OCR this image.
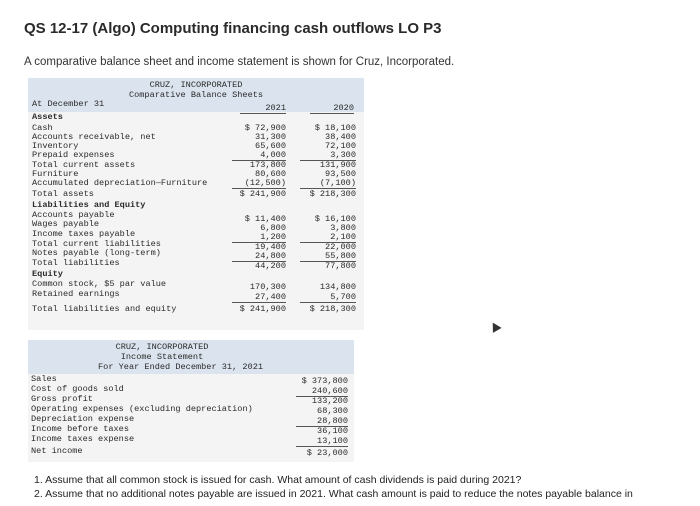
QS 12-17 (Algo) Computing financing cash outflows LO P3
A comparative balance sheet and income statement is shown for Cruz, Incorporated.
CRUZ, INCORPORATED
Comparative Balance Sheets
At December 31	2021	2020
Assets
Cash	$ 72,900	$ 18,100
Accounts receivable, net	31,300	38,400
Inventory	65,600	72,100
Prepaid expenses	4,000	3,300
Total current assets	173,800	131,900
Furniture	80,600	93,500
Accumulated depreciation—Furniture	(12,500)	(7,100)
Total assets	$ 241,900	$ 218,300
Liabilities and Equity
Accounts payable	$ 11,400	$ 16,100
Wages payable	6,800	3,800
Income taxes payable	1,200	2,100
Total current liabilities	19,400	22,000
Notes payable (long-term)	24,800	55,800
Total liabilities	44,200	77,800
Equity
Common stock, $5 par value	170,300	134,800
Retained earnings	27,400	5,700
Total liabilities and equity	$ 241,900	$ 218,300
CRUZ, INCORPORATED
Income Statement
For Year Ended December 31, 2021
Sales	$ 373,800
Cost of goods sold	240,600
Gross profit	133,200
Operating expenses (excluding depreciation)	68,300
Depreciation expense	28,800
Income before taxes	36,100
Income taxes expense	13,100
Net income	$ 23,000
1. Assume that all common stock is issued for cash. What amount of cash dividends is paid during 2021?
2. Assume that no additional notes payable are issued in 2021. What cash amount is paid to reduce the notes payable balance in
